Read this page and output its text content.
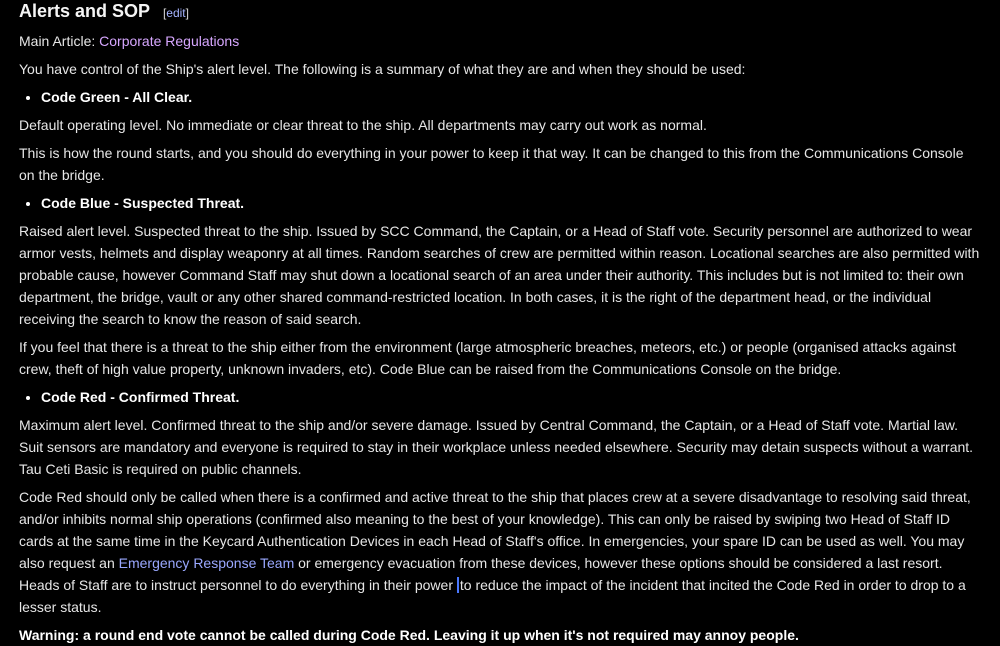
Alerts and SOP [edit]

Main Article: Corporate Regulations

You have control of the Ship's alert level. The following is a summary of what they are and when they should be used:

• Code Green - All Clear.

Default operating level. No immediate or clear threat to the ship. All departments may carry out work as normal.

This is how the round starts, and you should do everything in your power to keep it that way. It can be changed to this from the Communications Console on the bridge.

• Code Blue - Suspected Threat.

Raised alert level. Suspected threat to the ship. Issued by SCC Command, the Captain, or a Head of Staff vote. Security personnel are authorized to wear armor vests, helmets and display weaponry at all times. Random searches of crew are permitted within reason. Locational searches are also permitted with probable cause, however Command Staff may shut down a locational search of an area under their authority. This includes but is not limited to: their own department, the bridge, vault or any other shared command-restricted location. In both cases, it is the right of the department head, or the individual receiving the search to know the reason of said search.

If you feel that there is a threat to the ship either from the environment (large atmospheric breaches, meteors, etc.) or people (organised attacks against crew, theft of high value property, unknown invaders, etc). Code Blue can be raised from the Communications Console on the bridge.

• Code Red - Confirmed Threat.

Maximum alert level. Confirmed threat to the ship and/or severe damage. Issued by Central Command, the Captain, or a Head of Staff vote. Martial law. Suit sensors are mandatory and everyone is required to stay in their workplace unless needed elsewhere. Security may detain suspects without a warrant. Tau Ceti Basic is required on public channels.

Code Red should only be called when there is a confirmed and active threat to the ship that places crew at a severe disadvantage to resolving said threat, and/or inhibits normal ship operations (confirmed also meaning to the best of your knowledge). This can only be raised by swiping two Head of Staff ID cards at the same time in the Keycard Authentication Devices in each Head of Staff's office. In emergencies, your spare ID can be used as well. You may also request an Emergency Response Team or emergency evacuation from these devices, however these options should be considered a last resort. Heads of Staff are to instruct personnel to do everything in their power to reduce the impact of the incident that incited the Code Red in order to drop to a lesser status.

Warning: a round end vote cannot be called during Code Red. Leaving it up when it's not required may annoy people.
